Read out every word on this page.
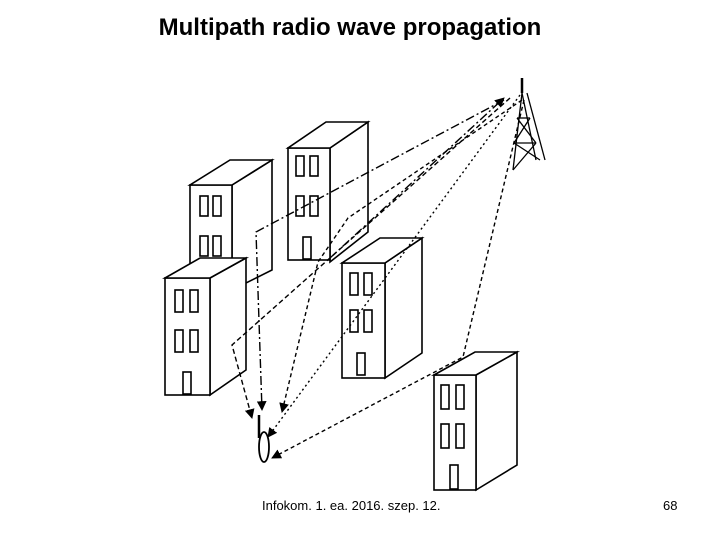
Multipath radio wave propagation
Infokom. 1. ea. 2016. szep. 12.	68
